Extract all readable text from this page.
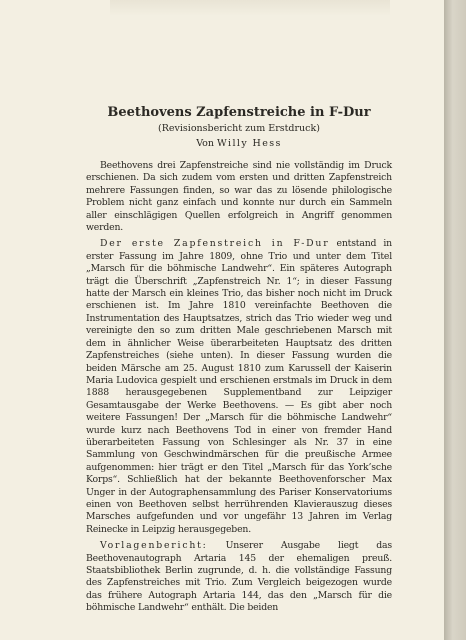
Beethovens Zapfenstreiche in F-Dur
(Revisionsbericht zum Erstdruck)
Von Willy Hess

Beethovens drei Zapfenstreiche sind nie vollständig im Druck erschienen. Da sich zudem vom ersten und dritten Zapfenstreich mehrere Fassungen finden, so war das zu lösende philologische Problem nicht ganz einfach und konnte nur durch ein Sammeln aller einschlägigen Quellen erfolgreich in Angriff genommen werden.

Der erste Zapfenstreich in F-Dur entstand in erster Fassung im Jahre 1809, ohne Trio und unter dem Titel „Marsch für die böhmische Landwehr“. Ein späteres Autograph trägt die Überschrift „Zapfenstreich Nr. 1“; in dieser Fassung hatte der Marsch ein kleines Trio, das bisher noch nicht im Druck erschienen ist. Im Jahre 1810 vereinfachte Beethoven die Instrumentation des Hauptsatzes, strich das Trio wieder weg und vereinigte den so zum dritten Male geschriebenen Marsch mit dem in ähnlicher Weise überarbeiteten Hauptsatz des dritten Zapfenstreiches (siehe unten). In dieser Fassung wurden die beiden Märsche am 25. August 1810 zum Karussell der Kaiserin Maria Ludovica gespielt und erschienen erstmals im Druck in dem 1888 herausgegebenen Supplementband zur Leipziger Gesamtausgabe der Werke Beethovens. — Es gibt aber noch weitere Fassungen! Der „Marsch für die böhmische Landwehr“ wurde kurz nach Beethovens Tod in einer von fremder Hand überarbeiteten Fassung von Schlesinger als Nr. 37 in eine Sammlung von Geschwindmärschen für die preußische Armee aufgenommen: hier trägt er den Titel „Marsch für das York’sche Korps“. Schließlich hat der bekannte Beethovenforscher Max Unger in der Autographensammlung des Pariser Konservatoriums einen von Beethoven selbst herrührenden Klavierauszug dieses Marsches aufgefunden und vor ungefähr 13 Jahren im Verlag Reinecke in Leipzig herausgegeben.

Vorlagenbericht: Unserer Ausgabe liegt das Beethovenautograph Artaria 145 der ehemaligen preuß. Staatsbibliothek Berlin zugrunde, d. h. die vollständige Fassung des Zapfenstreiches mit Trio. Zum Vergleich beigezogen wurde das frühere Autograph Artaria 144, das den „Marsch für die böhmische Landwehr“ enthält. Die beiden
